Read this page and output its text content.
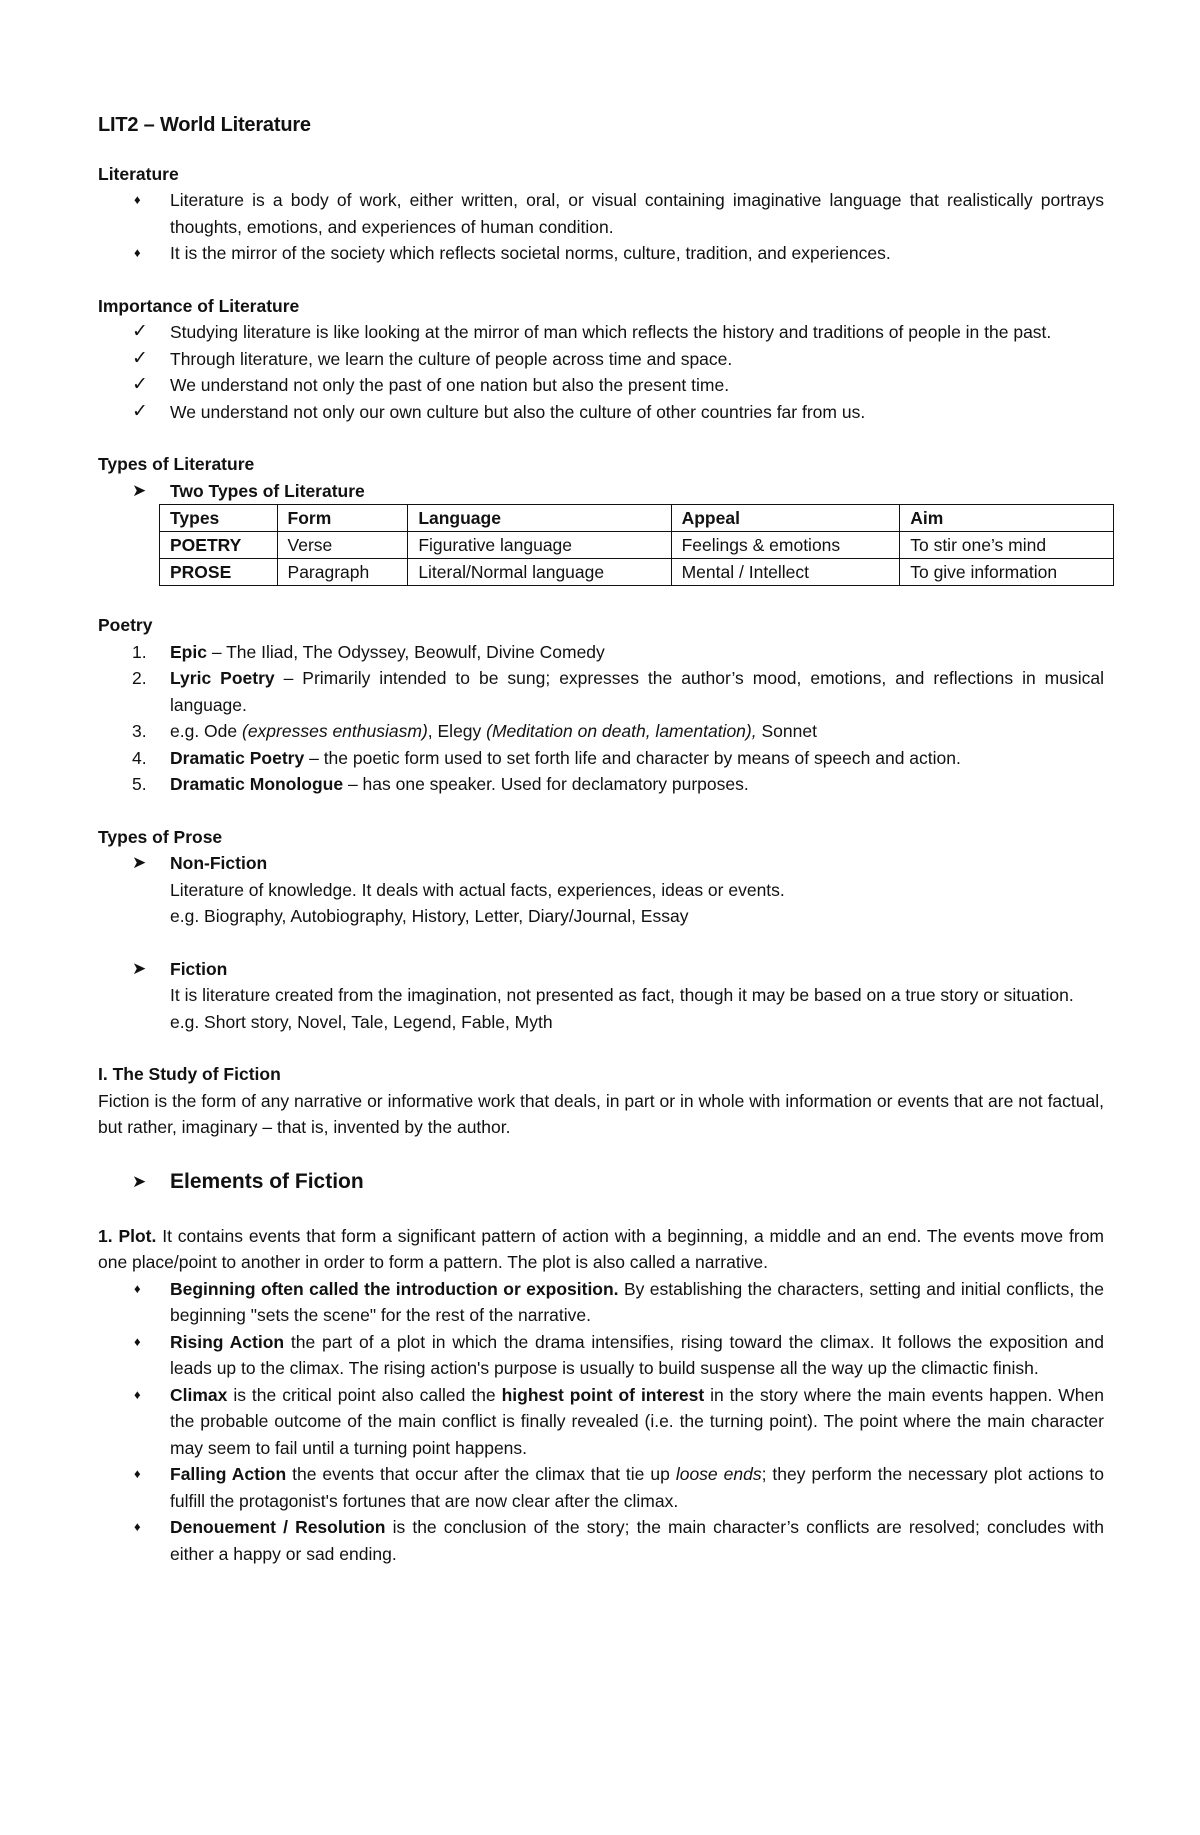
LIT2 – World Literature
Literature
♦	Literature is a body of work, either written, oral, or visual containing imaginative language that realistically portrays thoughts, emotions, and experiences of human condition.
♦	It is the mirror of the society which reflects societal norms, culture, tradition, and experiences.
Importance of Literature
✓	Studying literature is like looking at the mirror of man which reflects the history and traditions of people in the past.
✓	Through literature, we learn the culture of people across time and space.
✓	We understand not only the past of one nation but also the present time.
✓	We understand not only our own culture but also the culture of other countries far from us.
Types of Literature
➤	Two Types of Literature
Types	Form	Language	Appeal	Aim
POETRY	Verse	Figurative language	Feelings & emotions	To stir one’s mind
PROSE	Paragraph	Literal/Normal language	Mental / Intellect	To give information
Poetry
1.	Epic – The Iliad, The Odyssey, Beowulf, Divine Comedy
2.	Lyric Poetry – Primarily intended to be sung; expresses the author’s mood, emotions, and reflections in musical language.
3.	e.g. Ode (expresses enthusiasm), Elegy (Meditation on death, lamentation), Sonnet
4.	Dramatic Poetry – the poetic form used to set forth life and character by means of speech and action.
5.	Dramatic Monologue – has one speaker. Used for declamatory purposes.
Types of Prose
➤	Non-Fiction
Literature of knowledge. It deals with actual facts, experiences, ideas or events.
e.g. Biography, Autobiography, History, Letter, Diary/Journal, Essay
➤	Fiction
It is literature created from the imagination, not presented as fact, though it may be based on a true story or situation.
e.g. Short story, Novel, Tale, Legend, Fable, Myth
I. The Study of Fiction
Fiction is the form of any narrative or informative work that deals, in part or in whole with information or events that are not factual, but rather, imaginary – that is, invented by the author.
➤	Elements of Fiction
1. Plot. It contains events that form a significant pattern of action with a beginning, a middle and an end. The events move from one place/point to another in order to form a pattern. The plot is also called a narrative.
♦	Beginning often called the introduction or exposition. By establishing the characters, setting and initial conflicts, the beginning "sets the scene" for the rest of the narrative.
♦	Rising Action the part of a plot in which the drama intensifies, rising toward the climax. It follows the exposition and leads up to the climax. The rising action's purpose is usually to build suspense all the way up the climactic finish.
♦	Climax is the critical point also called the highest point of interest in the story where the main events happen. When the probable outcome of the main conflict is finally revealed (i.e. the turning point). The point where the main character may seem to fail until a turning point happens.
♦	Falling Action the events that occur after the climax that tie up loose ends; they perform the necessary plot actions to fulfill the protagonist's fortunes that are now clear after the climax.
♦	Denouement / Resolution is the conclusion of the story; the main character’s conflicts are resolved; concludes with either a happy or sad ending.
